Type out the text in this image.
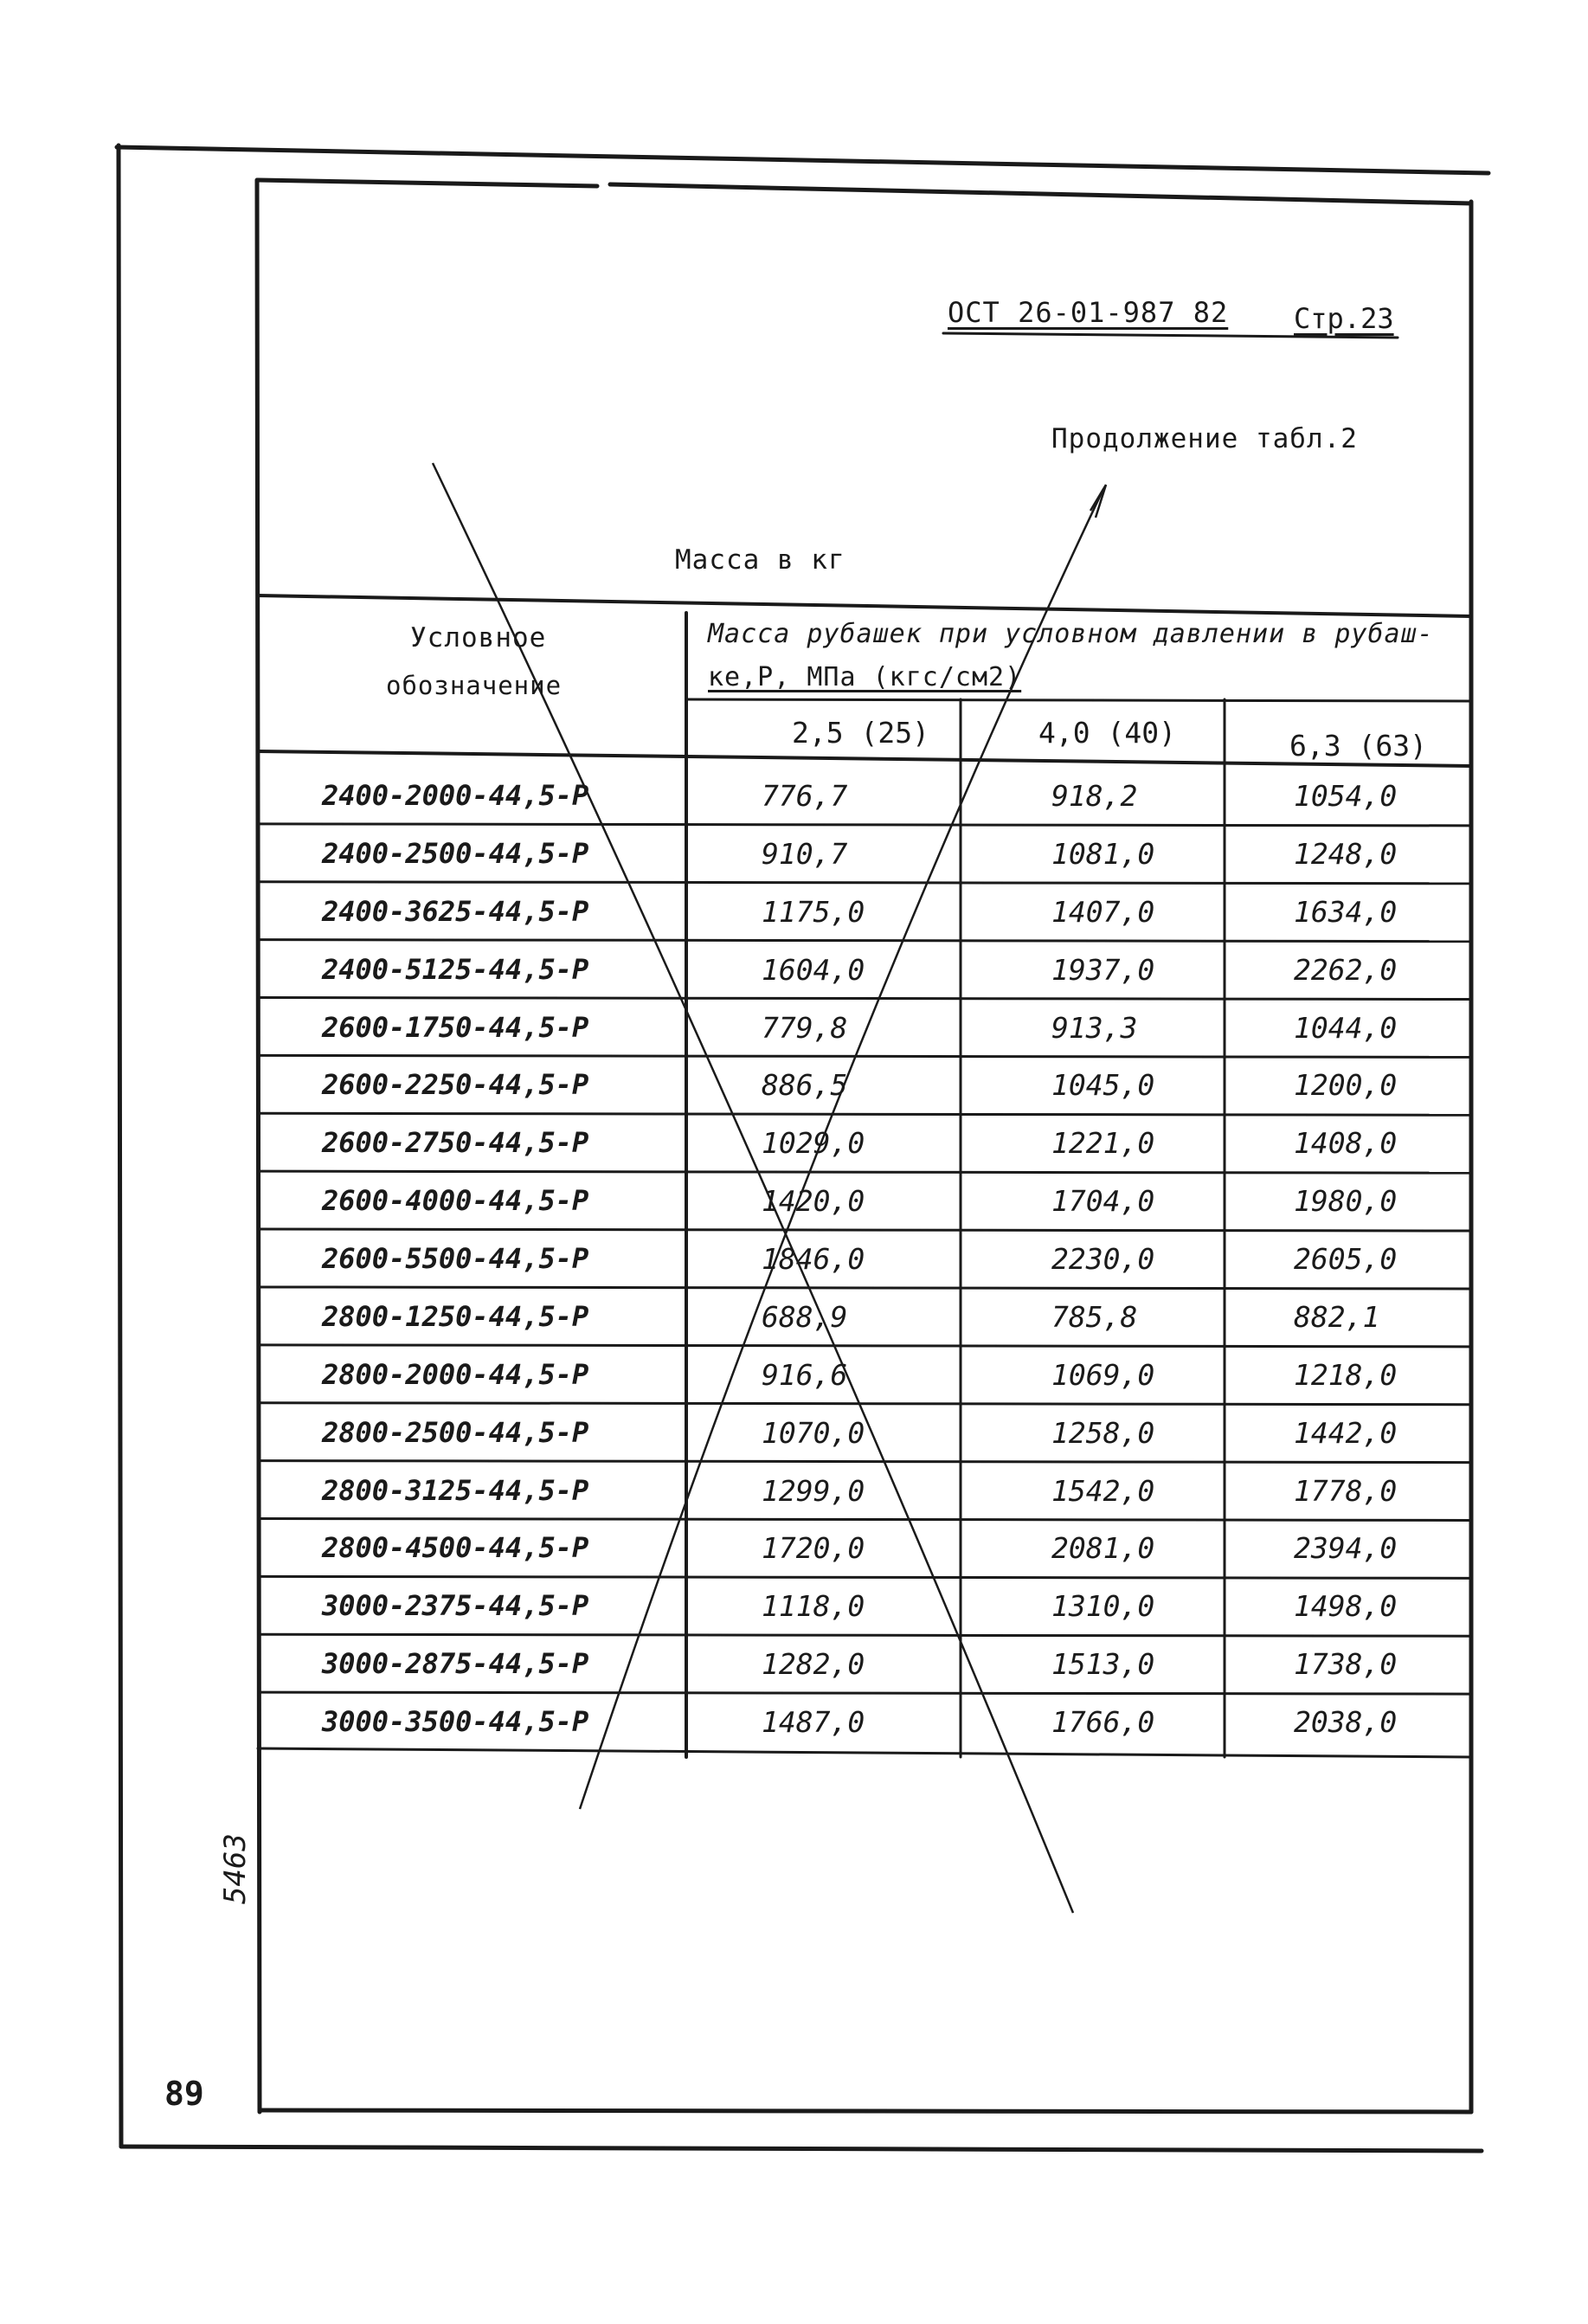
ОСТ 26-01-987 82 Стр.23
Продолжение табл.2
Масса в кг
Условное
обозначение
Масса рубашек при условном давлении в рубаш-
ке,P, МПа (кгс/см2)
2,5 (25)	4,0 (40)	6,3 (63)
2400-2000-44,5-Р	776,7	918,2	1054,0
2400-2500-44,5-Р	910,7	1081,0	1248,0
2400-3625-44,5-Р	1175,0	1407,0	1634,0
2400-5125-44,5-Р	1604,0	1937,0	2262,0
2600-1750-44,5-Р	779,8	913,3	1044,0
2600-2250-44,5-Р	886,5	1045,0	1200,0
2600-2750-44,5-Р	1029,0	1221,0	1408,0
2600-4000-44,5-Р	1420,0	1704,0	1980,0
2600-5500-44,5-Р	1846,0	2230,0	2605,0
2800-1250-44,5-Р	688,9	785,8	882,1
2800-2000-44,5-Р	916,6	1069,0	1218,0
2800-2500-44,5-Р	1070,0	1258,0	1442,0
2800-3125-44,5-Р	1299,0	1542,0	1778,0
2800-4500-44,5-Р	1720,0	2081,0	2394,0
3000-2375-44,5-Р	1118,0	1310,0	1498,0
3000-2875-44,5-Р	1282,0	1513,0	1738,0
3000-3500-44,5-Р	1487,0	1766,0	2038,0
5463
89
